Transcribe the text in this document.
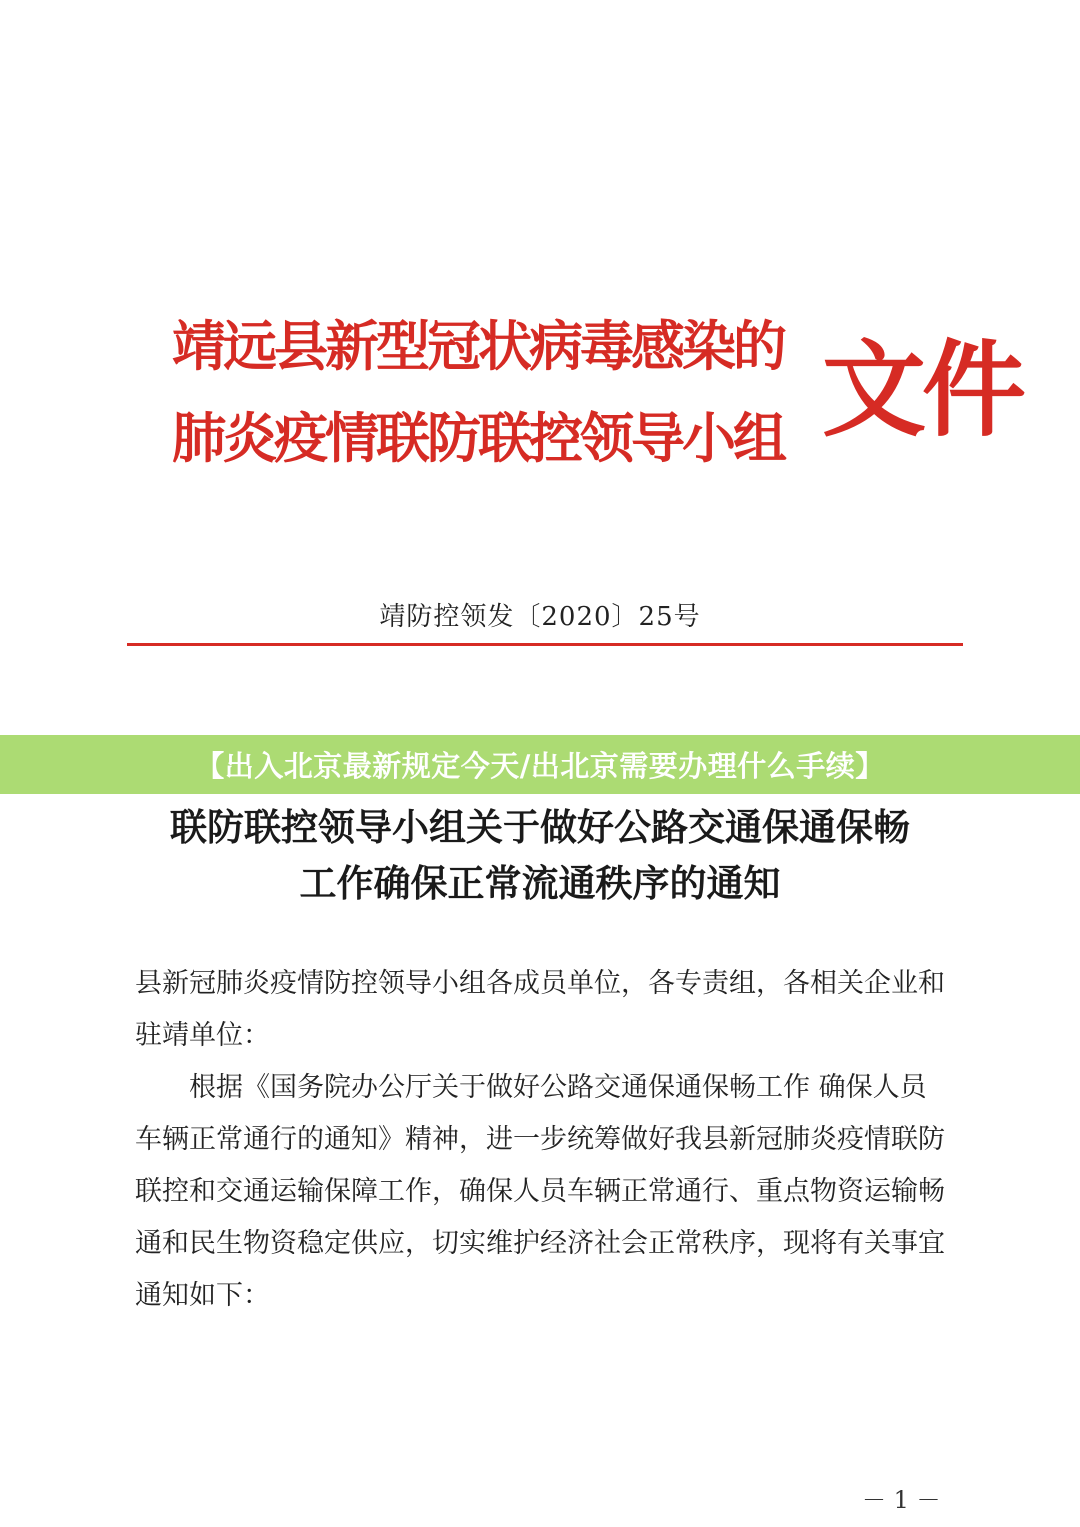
靖远县新型冠状病毒感染的
肺炎疫情联防联控领导小组 文件
靖防控领发〔2020〕25号
联防联控领导小组关于做好公路交通保通保畅
工作确保正常流通秩序的通知

县新冠肺炎疫情防控领导小组各成员单位，各专责组，各相关企业和驻靖单位：

根据《国务院办公厅关于做好公路交通保通保畅工作 确保人员车辆正常通行的通知》精神，进一步统筹做好我县新冠肺炎疫情联防联控和交通运输保障工作，确保人员车辆正常通行、重点物资运输畅通和民生物资稳定供应，切实维护经济社会正常秩序，现将有关事宜通知如下：

－ 1 －
【出入北京最新规定今天/出北京需要办理什么手续】
